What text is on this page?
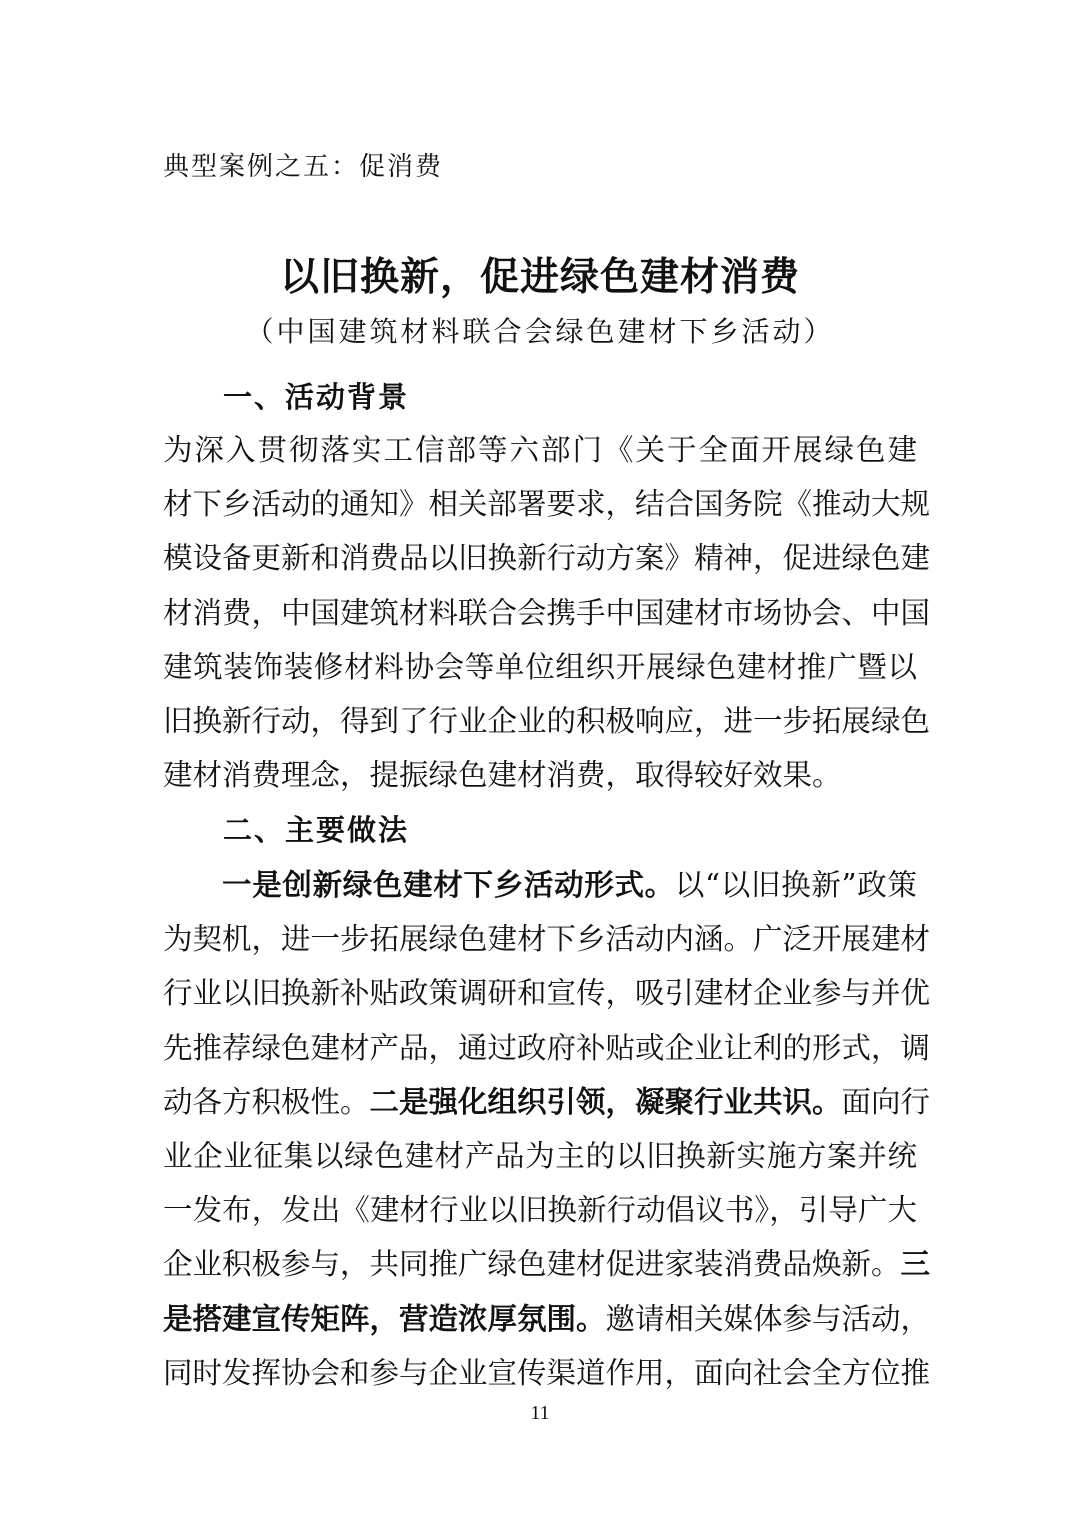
典型案例之五：促消费
以旧换新，促进绿色建材消费
（中国建筑材料联合会绿色建材下乡活动）
一、活动背景
为深入贯彻落实工信部等六部门《关于全面开展绿色建
材下乡活动的通知》相关部署要求，结合国务院《推动大规
模设备更新和消费品以旧换新行动方案》精神，促进绿色建
材消费，中国建筑材料联合会携手中国建材市场协会、中国
建筑装饰装修材料协会等单位组织开展绿色建材推广暨以
旧换新行动，得到了行业企业的积极响应，进一步拓展绿色
建材消费理念，提振绿色建材消费，取得较好效果。
二、主要做法
一是创新绿色建材下乡活动形式。以“以旧换新”政策
为契机，进一步拓展绿色建材下乡活动内涵。广泛开展建材
行业以旧换新补贴政策调研和宣传，吸引建材企业参与并优
先推荐绿色建材产品，通过政府补贴或企业让利的形式，调
动各方积极性。二是强化组织引领，凝聚行业共识。面向行
业企业征集以绿色建材产品为主的以旧换新实施方案并统
一发布，发出《建材行业以旧换新行动倡议书》，引导广大
企业积极参与，共同推广绿色建材促进家装消费品焕新。三
是搭建宣传矩阵，营造浓厚氛围。邀请相关媒体参与活动，
同时发挥协会和参与企业宣传渠道作用，面向社会全方位推
11
